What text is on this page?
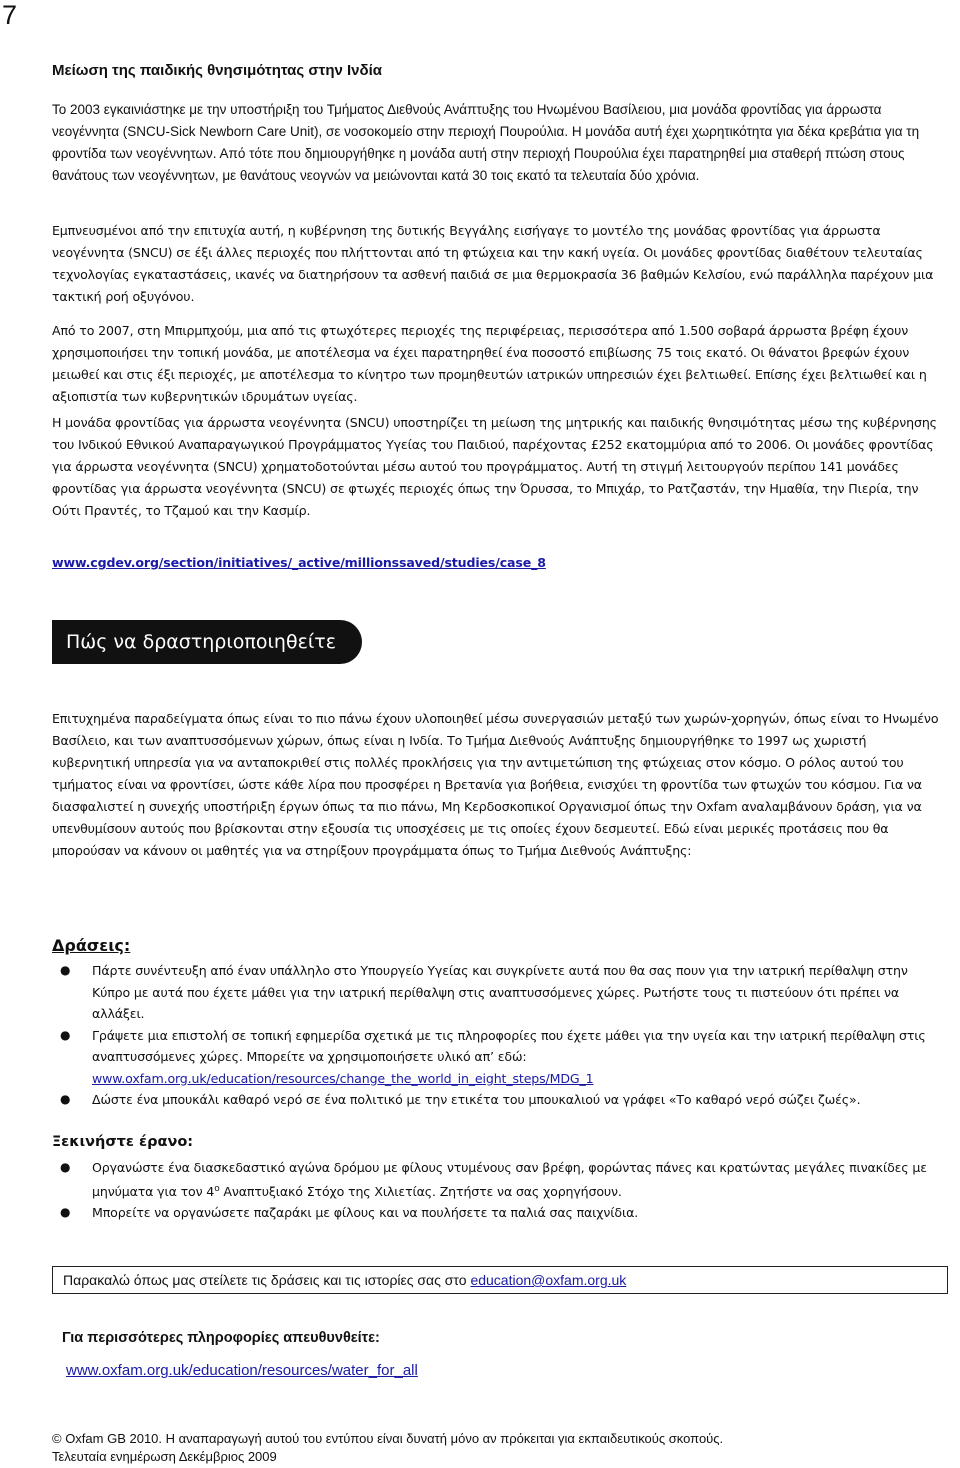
7
Μείωση της παιδικής θνησιμότητας στην Ινδία

Το 2003 εγκαινιάστηκε με την υποστήριξη του Τμήματος Διεθνούς Ανάπτυξης του Ηνωμένου Βασίλειου, μια μονάδα φροντίδας για άρρωστα νεογέννητα (SNCU-Sick Newborn Care Unit), σε νοσοκομείο στην περιοχή Πουρούλια. Η μονάδα αυτή έχει χωρητικότητα για δέκα κρεβάτια για τη φροντίδα των νεογέννητων. Από τότε που δημιουργήθηκε η μονάδα αυτή στην περιοχή Πουρούλια έχει παρατηρηθεί μια σταθερή πτώση στους θανάτους των νεογέννητων, με θανάτους νεογνών να μειώνονται κατά 30 τοις εκατό τα τελευταία δύο χρόνια.

Εμπνευσμένοι από την επιτυχία αυτή, η κυβέρνηση της δυτικής Βεγγάλης εισήγαγε το μοντέλο της μονάδας φροντίδας για άρρωστα νεογέννητα (SNCU) σε έξι άλλες περιοχές που πλήττονται από τη φτώχεια και την κακή υγεία. Οι μονάδες φροντίδας διαθέτουν τελευταίας τεχνολογίας εγκαταστάσεις, ικανές να διατηρήσουν τα ασθενή παιδιά σε μια θερμοκρασία 36 βαθμών Κελσίου, ενώ παράλληλα παρέχουν μια τακτική ροή οξυγόνου.

Από το 2007, στη Μπιρμπχούμ, μια από τις φτωχότερες περιοχές της περιφέρειας, περισσότερα από 1.500 σοβαρά άρρωστα βρέφη έχουν χρησιμοποιήσει την τοπική μονάδα, με αποτέλεσμα να έχει παρατηρηθεί ένα ποσοστό επιβίωσης 75 τοις εκατό. Οι θάνατοι βρεφών έχουν μειωθεί και στις έξι περιοχές, με αποτέλεσμα το κίνητρο των προμηθευτών ιατρικών υπηρεσιών έχει βελτιωθεί. Επίσης έχει βελτιωθεί και η αξιοπιστία των κυβερνητικών ιδρυμάτων υγείας.

Η μονάδα φροντίδας για άρρωστα νεογέννητα (SNCU) υποστηρίζει τη μείωση της μητρικής και παιδικής θνησιμότητας μέσω της κυβέρνησης του Ινδικού Εθνικού Αναπαραγωγικού Προγράμματος Υγείας του Παιδιού, παρέχοντας £252 εκατομμύρια από το 2006. Οι μονάδες φροντίδας για άρρωστα νεογέννητα (SNCU) χρηματοδοτούνται μέσω αυτού του προγράμματος. Αυτή τη στιγμή λειτουργούν περίπου 141 μονάδες φροντίδας για άρρωστα νεογέννητα (SNCU) σε φτωχές περιοχές όπως την Όρυσσα, το Μπιχάρ, το Ρατζαστάν, την Ημαθία, την Πιερία, την Ούτι Πραντές, το Τζαμού και την Κασμίρ.

www.cgdev.org/section/initiatives/_active/millionssaved/studies/case_8
Πώς να δραστηριοποιηθείτε

Επιτυχημένα παραδείγματα όπως είναι το πιο πάνω έχουν υλοποιηθεί μέσω συνεργασιών μεταξύ των χωρών-χορηγών, όπως είναι το Ηνωμένο Βασίλειο, και των αναπτυσσόμενων χώρων, όπως είναι η Ινδία. Το Τμήμα Διεθνούς Ανάπτυξης δημιουργήθηκε το 1997 ως χωριστή κυβερνητική υπηρεσία για να ανταποκριθεί στις πολλές προκλήσεις για την αντιμετώπιση της φτώχειας στον κόσμο. Ο ρόλος αυτού του τμήματος είναι να φροντίσει, ώστε κάθε λίρα που προσφέρει η Βρετανία για βοήθεια, ενισχύει τη φροντίδα των φτωχών του κόσμου. Για να διασφαλιστεί η συνεχής υποστήριξη έργων όπως τα πιο πάνω, Μη Κερδοσκοπικοί Οργανισμοί όπως την Oxfam αναλαμβάνουν δράση, για να υπενθυμίσουν αυτούς που βρίσκονται στην εξουσία τις υποσχέσεις με τις οποίες έχουν δεσμευτεί. Εδώ είναι μερικές προτάσεις που θα μπορούσαν να κάνουν οι μαθητές για να στηρίξουν προγράμματα όπως το Τμήμα Διεθνούς Ανάπτυξης:

Δράσεις:
● Πάρτε συνέντευξη από έναν υπάλληλο στο Υπουργείο Υγείας και συγκρίνετε αυτά που θα σας πουν για την ιατρική περίθαλψη στην Κύπρο με αυτά που έχετε μάθει για την ιατρική περίθαλψη στις αναπτυσσόμενες χώρες. Ρωτήστε τους τι πιστεύουν ότι πρέπει να αλλάξει.
● Γράψετε μια επιστολή σε τοπική εφημερίδα σχετικά με τις πληροφορίες που έχετε μάθει για την υγεία και την ιατρική περίθαλψη στις αναπτυσσόμενες χώρες. Μπορείτε να χρησιμοποιήσετε υλικό απ’ εδώ:
www.oxfam.org.uk/education/resources/change_the_world_in_eight_steps/MDG_1
● Δώστε ένα μπουκάλι καθαρό νερό σε ένα πολιτικό με την ετικέτα του μπουκαλιού να γράφει «Το καθαρό νερό σώζει ζωές».
Ξεκινήστε έρανο:
● Οργανώστε ένα διασκεδαστικό αγώνα δρόμου με φίλους ντυμένους σαν βρέφη, φορώντας πάνες και κρατώντας μεγάλες πινακίδες με μηνύματα για τον $4^o$ Αναπτυξιακό Στόχο της Χιλιετίας. Ζητήστε να σας χορηγήσουν.
● Μπορείτε να οργανώσετε παζαράκι με φίλους και να πουλήσετε τα παλιά σας παιχνίδια.
Παρακαλώ όπως μας στείλετε τις δράσεις και τις ιστορίες σας στο education@oxfam.org.uk
Για περισσότερες πληροφορίες απευθυνθείτε:
www.oxfam.org.uk/education/resources/water_for_all
© Oxfam GB 2010. Η αναπαραγωγή αυτού του εντύπου είναι δυνατή μόνο αν πρόκειται για εκπαιδευτικούς σκοπούς.
Τελευταία ενημέρωση Δεκέμβριος 2009
